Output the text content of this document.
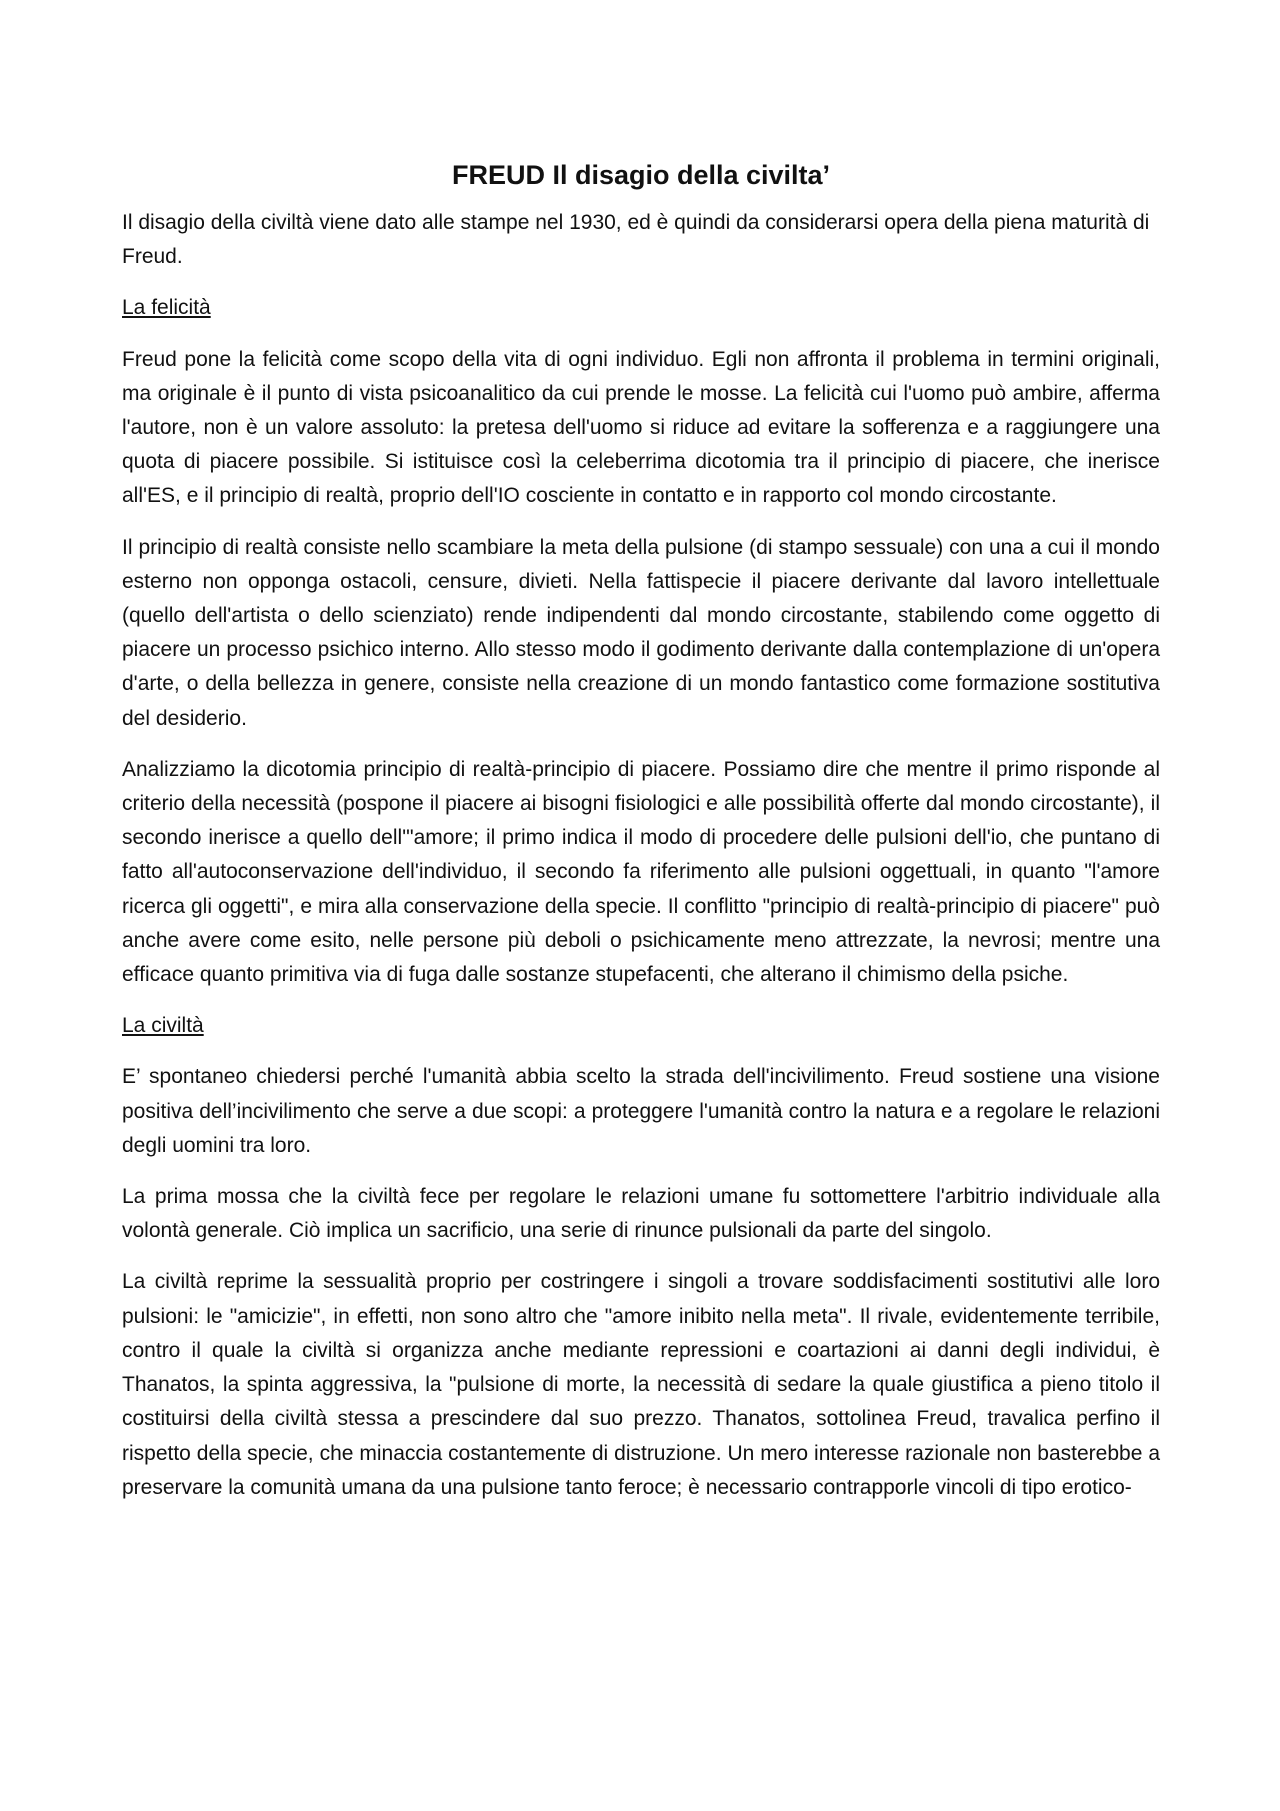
FREUD Il disagio della civilta’

Il disagio della civiltà viene dato alle stampe nel 1930, ed è quindi da considerarsi opera della piena maturità di Freud.

La felicità

Freud pone la felicità come scopo della vita di ogni individuo. Egli non affronta il problema in termini originali, ma originale è il punto di vista psicoanalitico da cui prende le mosse. La felicità cui l'uomo può ambire, afferma l'autore, non è un valore assoluto: la pretesa dell'uomo si riduce ad evitare la sofferenza e a raggiungere una quota di piacere possibile. Si istituisce così la celeberrima dicotomia tra il principio di piacere, che inerisce all'ES, e il principio di realtà, proprio dell'IO cosciente in contatto e in rapporto col mondo circostante.

Il principio di realtà consiste nello scambiare la meta della pulsione (di stampo sessuale) con una a cui il mondo esterno non opponga ostacoli, censure, divieti. Nella fattispecie il piacere derivante dal lavoro intellettuale (quello dell'artista o dello scienziato) rende indipendenti dal mondo circostante, stabilendo come oggetto di piacere un processo psichico interno. Allo stesso modo il godimento derivante dalla contemplazione di un'opera d'arte, o della bellezza in genere, consiste nella creazione di un mondo fantastico come formazione sostitutiva del desiderio.

Analizziamo la dicotomia principio di realtà-principio di piacere. Possiamo dire che mentre il primo risponde al criterio della necessità (pospone il piacere ai bisogni fisiologici e alle possibilità offerte dal mondo circostante), il secondo inerisce a quello dell'"amore; il primo indica il modo di procedere delle pulsioni dell'io, che puntano di fatto all'autoconservazione dell'individuo, il secondo fa riferimento alle pulsioni oggettuali, in quanto "l'amore ricerca gli oggetti", e mira alla conservazione della specie. Il conflitto "principio di realtà-principio di piacere" può anche avere come esito, nelle persone più deboli o psichicamente meno attrezzate, la nevrosi; mentre una efficace quanto primitiva via di fuga dalle sostanze stupefacenti, che alterano il chimismo della psiche.

La civiltà

E’ spontaneo chiedersi perché l'umanità abbia scelto la strada dell'incivilimento. Freud sostiene una visione positiva dell’incivilimento che serve a due scopi: a proteggere l'umanità contro la natura e a regolare le relazioni degli uomini tra loro.

La prima mossa che la civiltà fece per regolare le relazioni umane fu sottomettere l'arbitrio individuale alla volontà generale. Ciò implica un sacrificio, una serie di rinunce pulsionali da parte del singolo.

La civiltà reprime la sessualità proprio per costringere i singoli a trovare soddisfacimenti sostitutivi alle loro pulsioni: le "amicizie", in effetti, non sono altro che "amore inibito nella meta". Il rivale, evidentemente terribile, contro il quale la civiltà si organizza anche mediante repressioni e coartazioni ai danni degli individui, è Thanatos, la spinta aggressiva, la "pulsione di morte, la necessità di sedare la quale giustifica a pieno titolo il costituirsi della civiltà stessa a prescindere dal suo prezzo. Thanatos, sottolinea Freud, travalica perfino il rispetto della specie, che minaccia costantemente di distruzione. Un mero interesse razionale non basterebbe a preservare la comunità umana da una pulsione tanto feroce; è necessario contrapporle vincoli di tipo erotico-
